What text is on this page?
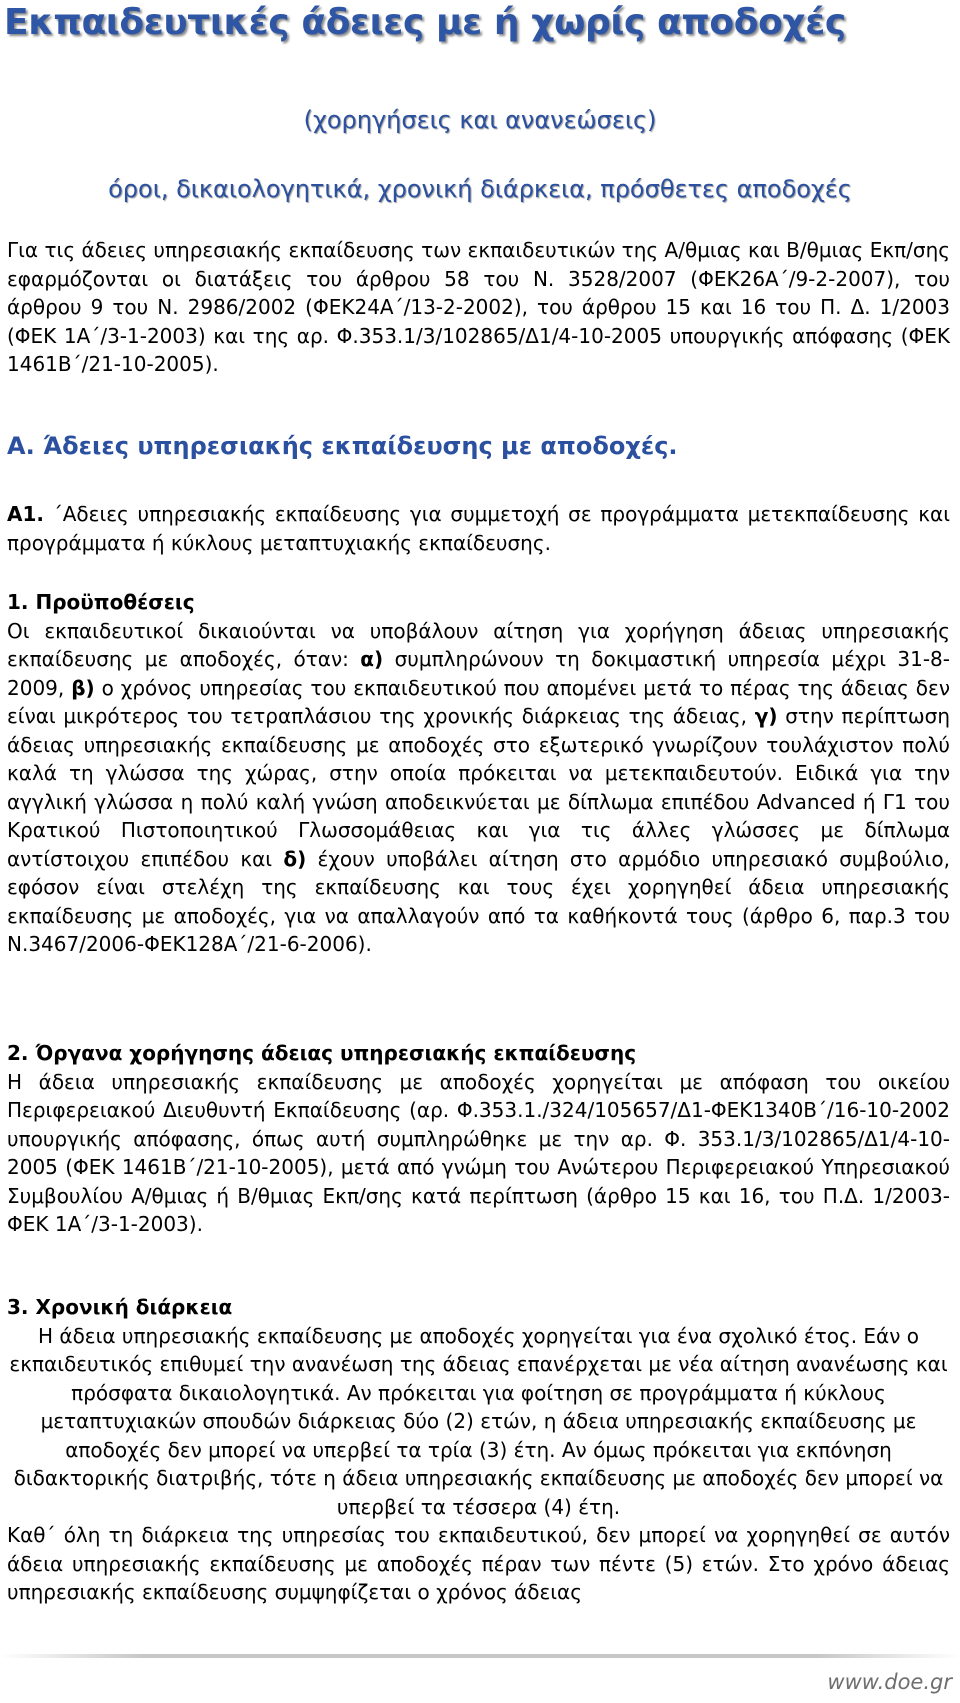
Εκπαιδευτικές άδειες με ή χωρίς αποδοχές
(χορηγήσεις και ανανεώσεις)
όροι, δικαιολογητικά, χρονική διάρκεια, πρόσθετες αποδοχές
Για τις άδειες υπηρεσιακής εκπαίδευσης των εκπαιδευτικών της Α/θμιας και Β/θμιας Εκπ/σης εφαρμόζονται οι διατάξεις του άρθρου 58 του Ν. 3528/2007 (ΦΕΚ26Α΄/9-2-2007), του άρθρου 9 του Ν. 2986/2002 (ΦΕΚ24Α΄/13-2-2002), του άρθρου 15 και 16 του Π. Δ. 1/2003 (ΦΕΚ 1Α΄/3-1-2003) και της αρ. Φ.353.1/3/102865/Δ1/4-10-2005 υπουργικής απόφασης (ΦΕΚ 1461Β΄/21-10-2005).
Α. Άδειες υπηρεσιακής εκπαίδευσης με αποδοχές.
Α1. ΄Αδειες υπηρεσιακής εκπαίδευσης για συμμετοχή σε προγράμματα μετεκπαίδευσης και προγράμματα ή κύκλους μεταπτυχιακής εκπαίδευσης.
1. Προϋποθέσεις
Οι εκπαιδευτικοί δικαιούνται να υποβάλουν αίτηση για χορήγηση άδειας υπηρεσιακής εκπαίδευσης με αποδοχές, όταν: α) συμπληρώνουν τη δοκιμαστική υπηρεσία μέχρι 31-8-2009, β) ο χρόνος υπηρεσίας του εκπαιδευτικού που απομένει μετά το πέρας της άδειας δεν είναι μικρότερος του τετραπλάσιου της χρονικής διάρκειας της άδειας, γ) στην περίπτωση άδειας υπηρεσιακής εκπαίδευσης με αποδοχές στο εξωτερικό γνωρίζουν τουλάχιστον πολύ καλά τη γλώσσα της χώρας, στην οποία πρόκειται να μετεκπαιδευτούν. Ειδικά για την αγγλική γλώσσα η πολύ καλή γνώση αποδεικνύεται με δίπλωμα επιπέδου Advanced ή Γ1 του Κρατικού Πιστοποιητικού Γλωσσομάθειας και για τις άλλες γλώσσες με δίπλωμα αντίστοιχου επιπέδου και δ) έχουν υποβάλει αίτηση στο αρμόδιο υπηρεσιακό συμβούλιο, εφόσον είναι στελέχη της εκπαίδευσης και τους έχει χορηγηθεί άδεια υπηρεσιακής εκπαίδευσης με αποδοχές, για να απαλλαγούν από τα καθήκοντά τους (άρθρο 6, παρ.3 του Ν.3467/2006-ΦΕΚ128Α΄/21-6-2006).
2. Όργανα χορήγησης άδειας υπηρεσιακής εκπαίδευσης
Η άδεια υπηρεσιακής εκπαίδευσης με αποδοχές χορηγείται με απόφαση του οικείου Περιφερειακού Διευθυντή Εκπαίδευσης (αρ. Φ.353.1./324/105657/Δ1-ΦΕΚ1340Β΄/16-10-2002 υπουργικής απόφασης, όπως αυτή συμπληρώθηκε με την αρ. Φ. 353.1/3/102865/Δ1/4-10-2005 (ΦΕΚ 1461Β΄/21-10-2005), μετά από γνώμη του Ανώτερου Περιφερειακού Υπηρεσιακού Συμβουλίου Α/θμιας ή Β/θμιας Εκπ/σης κατά περίπτωση (άρθρο 15 και 16, του Π.Δ. 1/2003- ΦΕΚ 1Α΄/3-1-2003).
3. Χρονική διάρκεια
Η άδεια υπηρεσιακής εκπαίδευσης με αποδοχές χορηγείται για ένα σχολικό έτος. Εάν ο εκπαιδευτικός επιθυμεί την ανανέωση της άδειας επανέρχεται με νέα αίτηση ανανέωσης και πρόσφατα δικαιολογητικά. Αν πρόκειται για φοίτηση σε προγράμματα ή κύκλους μεταπτυχιακών σπουδών διάρκειας δύο (2) ετών, η άδεια υπηρεσιακής εκπαίδευσης με αποδοχές δεν μπορεί να υπερβεί τα τρία (3) έτη. Αν όμως πρόκειται για εκπόνηση διδακτορικής διατριβής, τότε η άδεια υπηρεσιακής εκπαίδευσης με αποδοχές δεν μπορεί να υπερβεί τα τέσσερα (4) έτη.
Καθ΄ όλη τη διάρκεια της υπηρεσίας του εκπαιδευτικού, δεν μπορεί να χορηγηθεί σε αυτόν άδεια υπηρεσιακής εκπαίδευσης με αποδοχές πέραν των πέντε (5) ετών. Στο χρόνο άδειας υπηρεσιακής εκπαίδευσης συμψηφίζεται ο χρόνος άδειας
www.doe.gr
